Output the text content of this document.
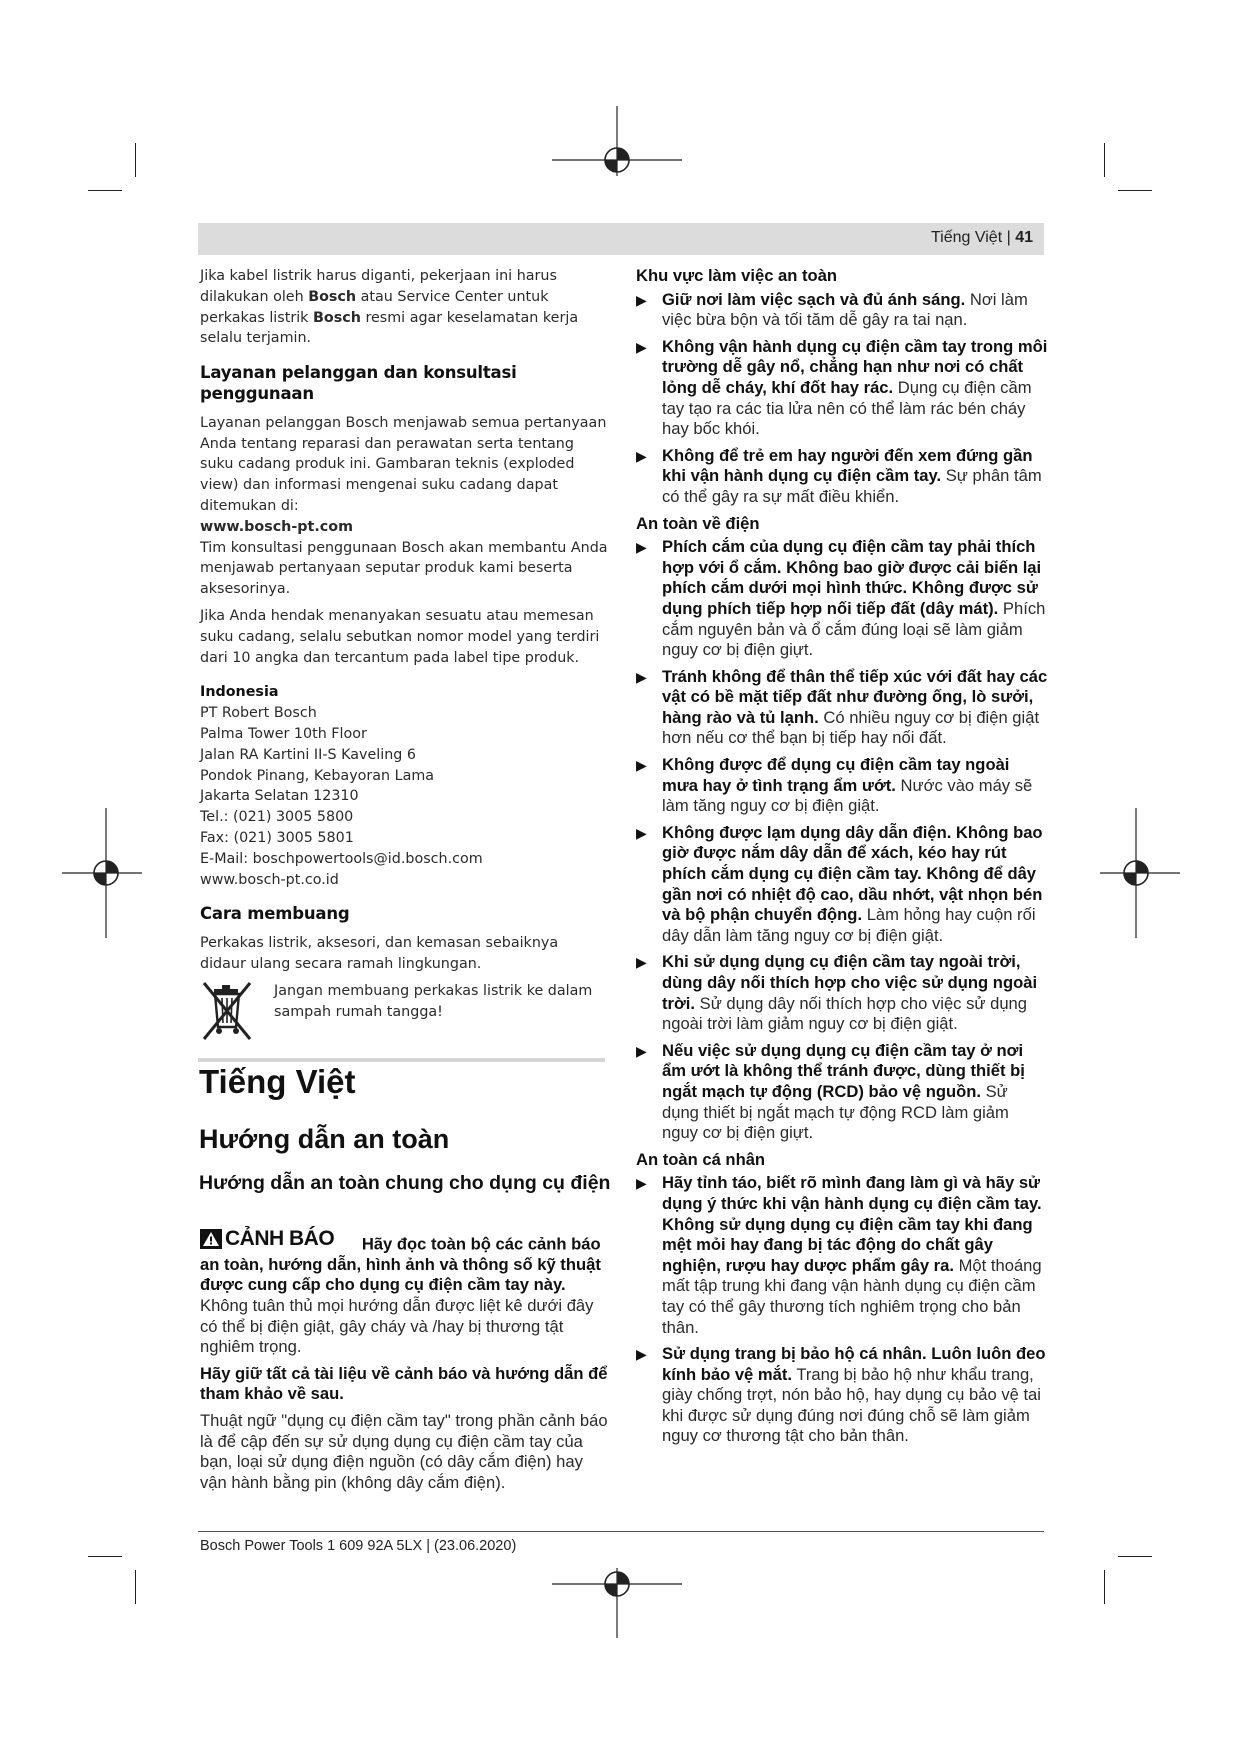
Tiếng Việt | 41

Jika kabel listrik harus diganti, pekerjaan ini harus dilakukan oleh Bosch atau Service Center untuk perkakas listrik Bosch resmi agar keselamatan kerja selalu terjamin.

Layanan pelanggan dan konsultasi penggunaan

Layanan pelanggan Bosch menjawab semua pertanyaan Anda tentang reparasi dan perawatan serta tentang suku cadang produk ini. Gambaran teknis (exploded view) dan informasi mengenai suku cadang dapat ditemukan di:
www.bosch-pt.com

Tim konsultasi penggunaan Bosch akan membantu Anda menjawab pertanyaan seputar produk kami beserta aksesorinya.

Jika Anda hendak menanyakan sesuatu atau memesan suku cadang, selalu sebutkan nomor model yang terdiri dari 10 angka dan tercantum pada label tipe produk.

Indonesia
PT Robert Bosch
Palma Tower 10th Floor
Jalan RA Kartini II-S Kaveling 6
Pondok Pinang, Kebayoran Lama
Jakarta Selatan 12310
Tel.: (021) 3005 5800
Fax: (021) 3005 5801
E-Mail: boschpowertools@id.bosch.com
www.bosch-pt.co.id
Cara membuang

Perkakas listrik, aksesori, dan kemasan sebaiknya didaur ulang secara ramah lingkungan.

Jangan membuang perkakas listrik ke dalam sampah rumah tangga!
Tiếng Việt
Hướng dẫn an toàn
Hướng dẫn an toàn chung cho dụng cụ điện

CẢNH BÁO Hãy đọc toàn bộ các cảnh báo an toàn, hướng dẫn, hình ảnh và thông số kỹ thuật được cung cấp cho dụng cụ điện cầm tay này. Không tuân thủ mọi hướng dẫn được liệt kê dưới đây có thể bị điện giật, gây cháy và /hay bị thương tật nghiêm trọng.

Hãy giữ tất cả tài liệu về cảnh báo và hướng dẫn để tham khảo về sau.

Thuật ngữ "dụng cụ điện cầm tay" trong phần cảnh báo là để cập đến sự sử dụng dụng cụ điện cầm tay của bạn, loại sử dụng điện nguồn (có dây cắm điện) hay vận hành bằng pin (không dây cắm điện).

Khu vực làm việc an toàn
▶ Giữ nơi làm việc sạch và đủ ánh sáng. Nơi làm việc bừa bộn và tối tăm dễ gây ra tai nạn.
▶ Không vận hành dụng cụ điện cầm tay trong môi trường dễ gây nổ, chẳng hạn như nơi có chất lỏng dễ cháy, khí đốt hay rác. Dụng cụ điện cầm tay tạo ra các tia lửa nên có thể làm rác bén cháy hay bốc khói.
▶ Không để trẻ em hay người đến xem đứng gần khi vận hành dụng cụ điện cầm tay. Sự phân tâm có thể gây ra sự mất điều khiển.
An toàn về điện
▶ Phích cắm của dụng cụ điện cầm tay phải thích hợp với ổ cắm. Không bao giờ được cải biến lại phích cắm dưới mọi hình thức. Không được sử dụng phích tiếp hợp nối tiếp đất (dây mát). Phích cắm nguyên bản và ổ cắm đúng loại sẽ làm giảm nguy cơ bị điện giựt.
▶ Tránh không để thân thể tiếp xúc với đất hay các vật có bề mặt tiếp đất như đường ống, lò sưởi, hàng rào và tủ lạnh. Có nhiều nguy cơ bị điện giật hơn nếu cơ thể bạn bị tiếp hay nối đất.
▶ Không được để dụng cụ điện cầm tay ngoài mưa hay ở tình trạng ẩm ướt. Nước vào máy sẽ làm tăng nguy cơ bị điện giật.
▶ Không được lạm dụng dây dẫn điện. Không bao giờ được nắm dây dẫn để xách, kéo hay rút phích cắm dụng cụ điện cầm tay. Không để dây gần nơi có nhiệt độ cao, dầu nhớt, vật nhọn bén và bộ phận chuyển động. Làm hỏng hay cuộn rối dây dẫn làm tăng nguy cơ bị điện giật.
▶ Khi sử dụng dụng cụ điện cầm tay ngoài trời, dùng dây nối thích hợp cho việc sử dụng ngoài trời. Sử dụng dây nối thích hợp cho việc sử dụng ngoài trời làm giảm nguy cơ bị điện giật.
▶ Nếu việc sử dụng dụng cụ điện cầm tay ở nơi ẩm ướt là không thể tránh được, dùng thiết bị ngắt mạch tự động (RCD) bảo vệ nguồn. Sử dụng thiết bị ngắt mạch tự động RCD làm giảm nguy cơ bị điện giựt.
An toàn cá nhân
▶ Hãy tỉnh táo, biết rõ mình đang làm gì và hãy sử dụng ý thức khi vận hành dụng cụ điện cầm tay. Không sử dụng dụng cụ điện cầm tay khi đang mệt mỏi hay đang bị tác động do chất gây nghiện, rượu hay dược phẩm gây ra. Một thoáng mất tập trung khi đang vận hành dụng cụ điện cầm tay có thể gây thương tích nghiêm trọng cho bản thân.
▶ Sử dụng trang bị bảo hộ cá nhân. Luôn luôn đeo kính bảo vệ mắt. Trang bị bảo hộ như khẩu trang, giày chống trợt, nón bảo hộ, hay dụng cụ bảo vệ tai khi được sử dụng đúng nơi đúng chỗ sẽ làm giảm nguy cơ thương tật cho bản thân.
Bosch Power Tools 1 609 92A 5LX | (23.06.2020)
